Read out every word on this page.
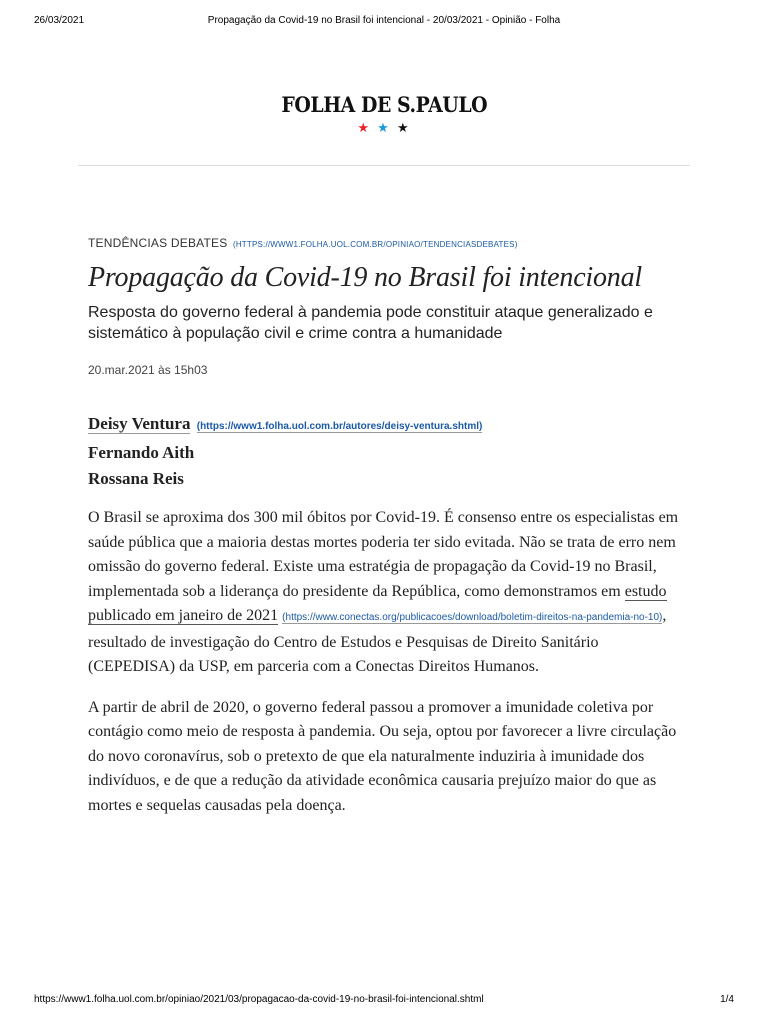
26/03/2021	Propagação da Covid-19 no Brasil foi intencional - 20/03/2021 - Opinião - Folha
FOLHA DE S.PAULO
★ ★ ★
TENDÊNCIAS DEBATES (HTTPS://WWW1.FOLHA.UOL.COM.BR/OPINIAO/TENDENCIASDEBATES)
Propagação da Covid-19 no Brasil foi intencional
Resposta do governo federal à pandemia pode constituir ataque generalizado e sistemático à população civil e crime contra a humanidade
20.mar.2021 às 15h03
Deisy Ventura (https://www1.folha.uol.com.br/autores/deisy-ventura.shtml)
Fernando Aith
Rossana Reis

O Brasil se aproxima dos 300 mil óbitos por Covid-19. É consenso entre os especialistas em saúde pública que a maioria destas mortes poderia ter sido evitada. Não se trata de erro nem omissão do governo federal. Existe uma estratégia de propagação da Covid-19 no Brasil, implementada sob a liderança do presidente da República, como demonstramos em estudo publicado em janeiro de 2021 (https://www.conectas.org/publicacoes/download/boletim-direitos-na-pandemia-no-10), resultado de investigação do Centro de Estudos e Pesquisas de Direito Sanitário (CEPEDISA) da USP, em parceria com a Conectas Direitos Humanos.

A partir de abril de 2020, o governo federal passou a promover a imunidade coletiva por contágio como meio de resposta à pandemia. Ou seja, optou por favorecer a livre circulação do novo coronavírus, sob o pretexto de que ela naturalmente induziria à imunidade dos indivíduos, e de que a redução da atividade econômica causaria prejuízo maior do que as mortes e sequelas causadas pela doença.

https://www1.folha.uol.com.br/opiniao/2021/03/propagacao-da-covid-19-no-brasil-foi-intencional.shtml	1/4
